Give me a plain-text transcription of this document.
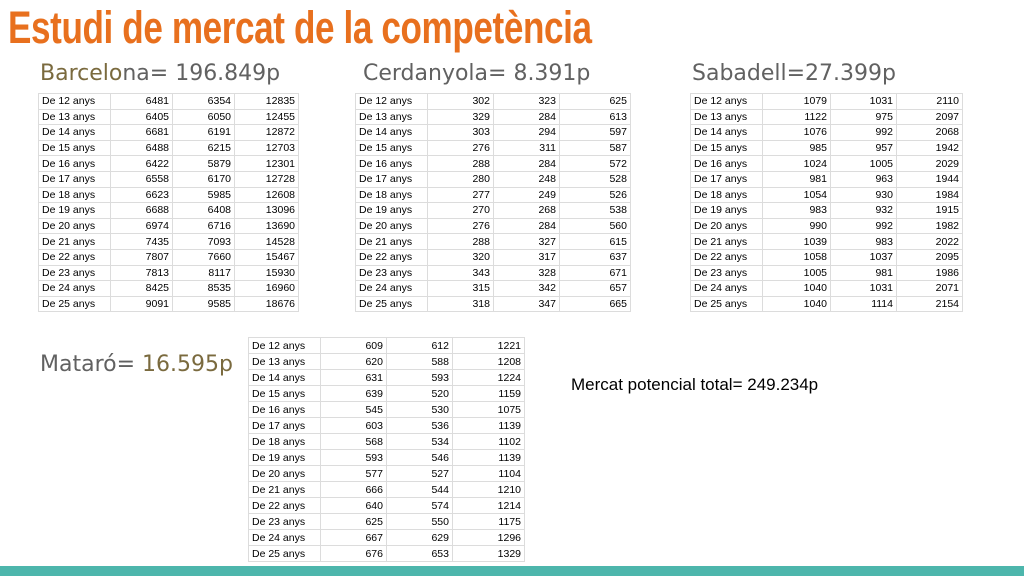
Estudi de mercat de la competència
Barcelona= 196.849p	Cerdanyola= 8.391p	Sabadell=27.399p
Mataró= 16.595p
De 12 anys	6481	6354	12835
De 13 anys	6405	6050	12455
De 14 anys	6681	6191	12872
De 15 anys	6488	6215	12703
De 16 anys	6422	5879	12301
De 17 anys	6558	6170	12728
De 18 anys	6623	5985	12608
De 19 anys	6688	6408	13096
De 20 anys	6974	6716	13690
De 21 anys	7435	7093	14528
De 22 anys	7807	7660	15467
De 23 anys	7813	8117	15930
De 24 anys	8425	8535	16960
De 25 anys	9091	9585	18676
De 12 anys	302	323	625
De 13 anys	329	284	613
De 14 anys	303	294	597
De 15 anys	276	311	587
De 16 anys	288	284	572
De 17 anys	280	248	528
De 18 anys	277	249	526
De 19 anys	270	268	538
De 20 anys	276	284	560
De 21 anys	288	327	615
De 22 anys	320	317	637
De 23 anys	343	328	671
De 24 anys	315	342	657
De 25 anys	318	347	665
De 12 anys	1079	1031	2110
De 13 anys	1122	975	2097
De 14 anys	1076	992	2068
De 15 anys	985	957	1942
De 16 anys	1024	1005	2029
De 17 anys	981	963	1944
De 18 anys	1054	930	1984
De 19 anys	983	932	1915
De 20 anys	990	992	1982
De 21 anys	1039	983	2022
De 22 anys	1058	1037	2095
De 23 anys	1005	981	1986
De 24 anys	1040	1031	2071
De 25 anys	1040	1114	2154
De 12 anys	609	612	1221
De 13 anys	620	588	1208
De 14 anys	631	593	1224
De 15 anys	639	520	1159
De 16 anys	545	530	1075
De 17 anys	603	536	1139
De 18 anys	568	534	1102
De 19 anys	593	546	1139
De 20 anys	577	527	1104
De 21 anys	666	544	1210
De 22 anys	640	574	1214
De 23 anys	625	550	1175
De 24 anys	667	629	1296
De 25 anys	676	653	1329
Mercat potencial total= 249.234p
